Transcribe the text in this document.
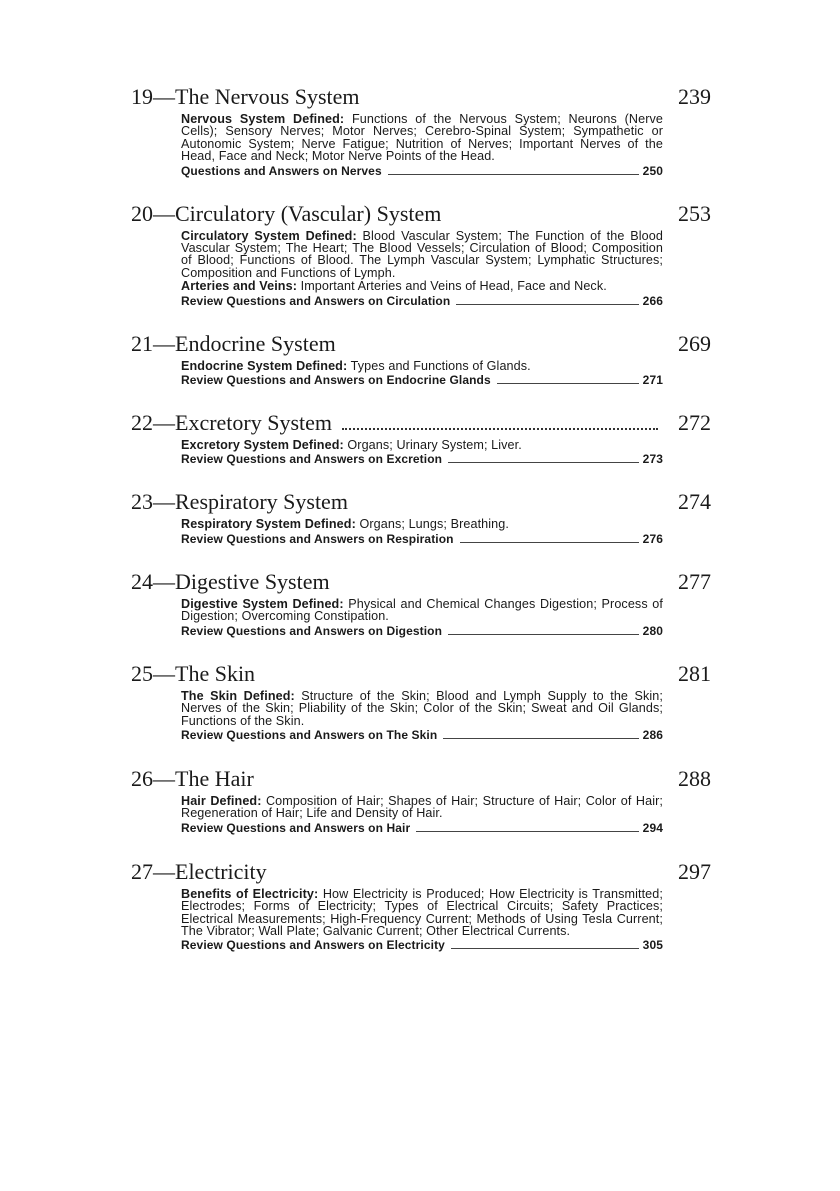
19 — The Nervous System	239
Nervous System Defined: Functions of the Nervous System; Neurons (Nerve Cells); Sensory Nerves; Motor Nerves; Cerebro-Spinal System; Sympathetic or Autonomic System; Nerve Fatigue; Nutrition of Nerves; Important Nerves of the Head, Face and Neck; Motor Nerve Points of the Head.
Questions and Answers on Nerves	250
20 — Circulatory (Vascular) System	253
Circulatory System Defined: Blood Vascular System; The Function of the Blood Vascular System; The Heart; The Blood Vessels; Circulation of Blood; Composition of Blood; Functions of Blood. The Lymph Vascular System; Lymphatic Structures; Composition and Functions of Lymph.
Arteries and Veins: Important Arteries and Veins of Head, Face and Neck.
Review Questions and Answers on Circulation	266
21 — Endocrine System	269
Endocrine System Defined: Types and Functions of Glands.
Review Questions and Answers on Endocrine Glands	271
22 — Excretory System	272
Excretory System Defined: Organs; Urinary System; Liver.
Review Questions and Answers on Excretion	273
23 — Respiratory System	274
Respiratory System Defined: Organs; Lungs; Breathing.
Review Questions and Answers on Respiration	276
24 — Digestive System	277
Digestive System Defined: Physical and Chemical Changes Digestion; Process of Digestion; Overcoming Constipation.
Review Questions and Answers on Digestion	280
25 — The Skin	281
The Skin Defined: Structure of the Skin; Blood and Lymph Supply to the Skin; Nerves of the Skin; Pliability of the Skin; Color of the Skin; Sweat and Oil Glands; Functions of the Skin.
Review Questions and Answers on The Skin	286
26 — The Hair	288
Hair Defined: Composition of Hair; Shapes of Hair; Structure of Hair; Color of Hair; Regeneration of Hair; Life and Density of Hair.
Review Questions and Answers on Hair	294
27 — Electricity	297
Benefits of Electricity: How Electricity is Produced; How Electricity is Transmitted; Electrodes; Forms of Electricity; Types of Electrical Circuits; Safety Practices; Electrical Measurements; High-Frequency Current; Methods of Using Tesla Current; The Vibrator; Wall Plate; Galvanic Current; Other Electrical Currents.
Review Questions and Answers on Electricity	305
